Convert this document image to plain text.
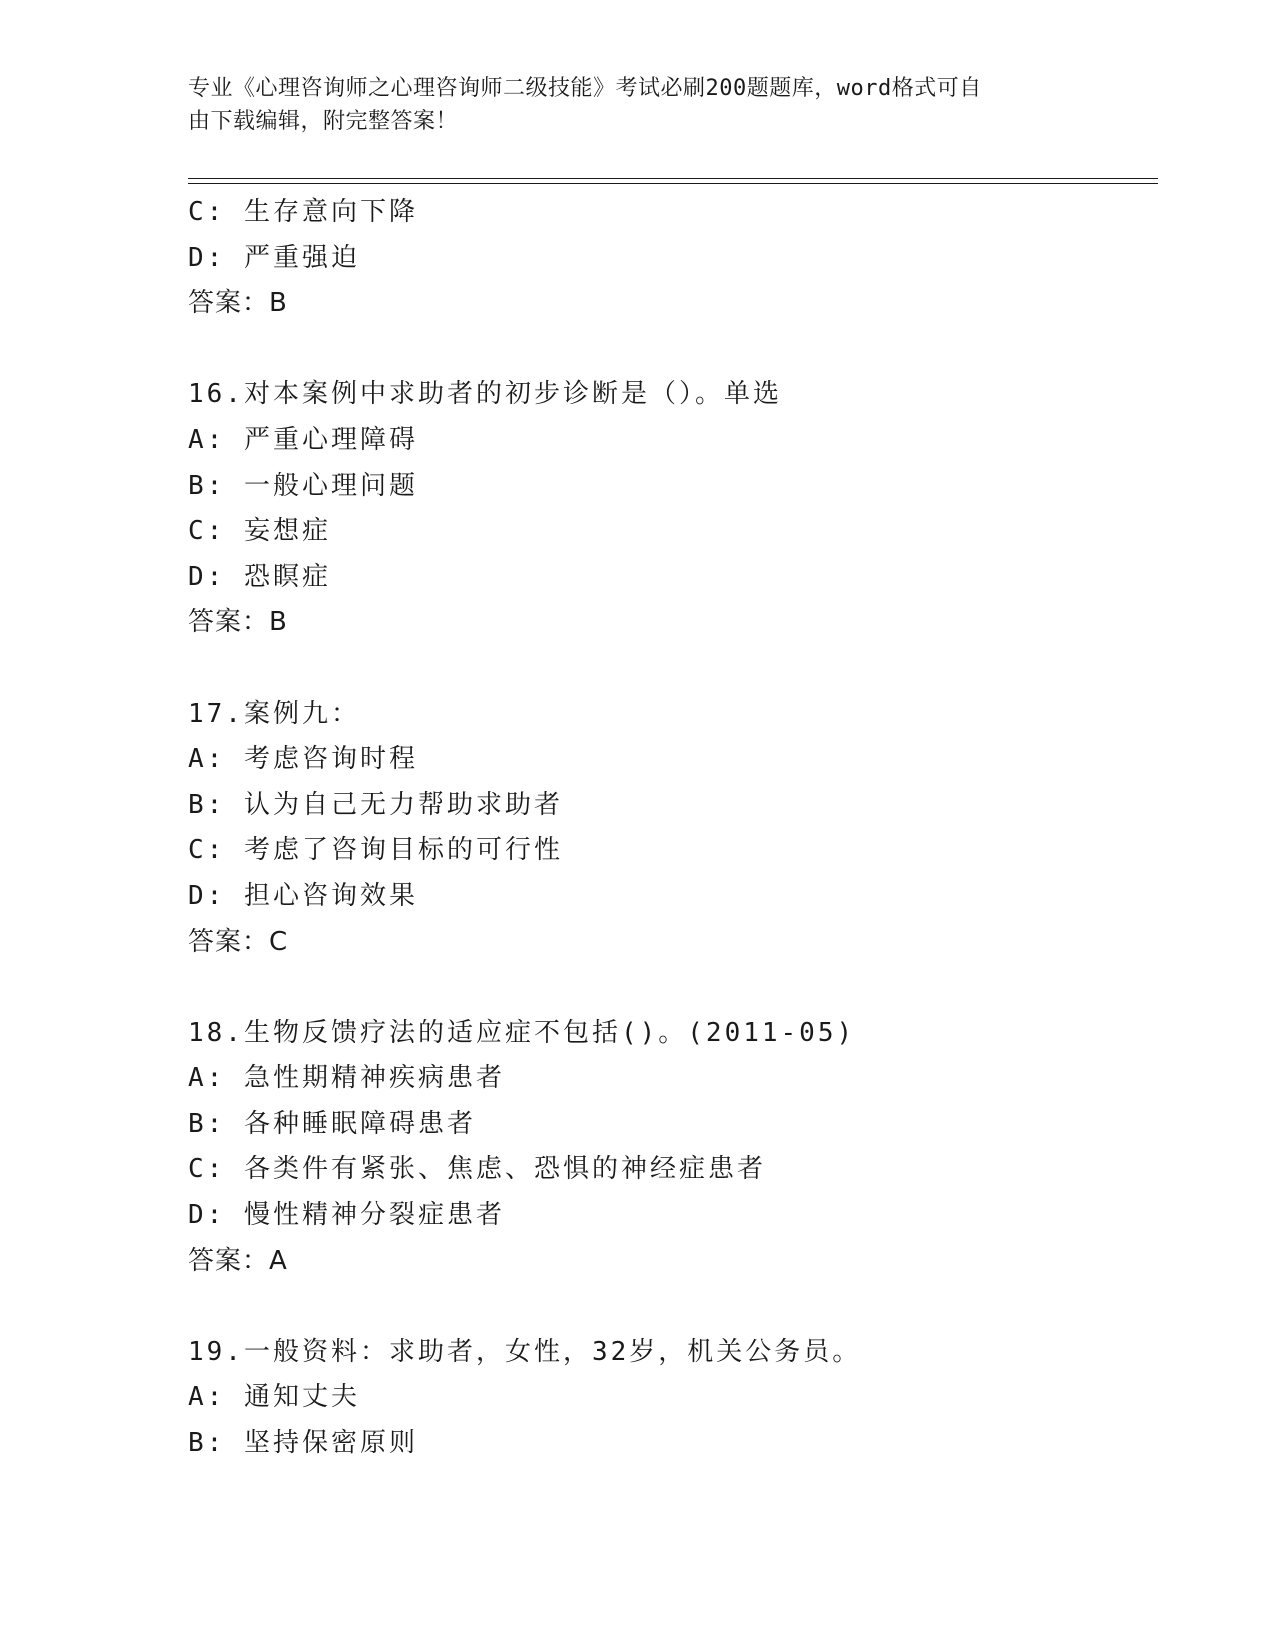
专业《心理咨询师之心理咨询师二级技能》考试必刷200题题库，word格式可自
由下载编辑，附完整答案！
C: 生存意向下降
D: 严重强迫
答案：B
16.对本案例中求助者的初步诊断是（）。单选
A: 严重心理障碍
B: 一般心理问题
C: 妄想症
D: 恐瞑症
答案：B
17.案例九：
A: 考虑咨询时程
B: 认为自己无力帮助求助者
C: 考虑了咨询目标的可行性
D: 担心咨询效果
答案：C
18.生物反馈疗法的适应症不包括()。(2011-05)
A: 急性期精神疾病患者
B: 各种睡眠障碍患者
C: 各类件有紧张、焦虑、恐惧的神经症患者
D: 慢性精神分裂症患者
答案：A
19.一般资料：求助者，女性，32岁，机关公务员。
A: 通知丈夫
B: 坚持保密原则
